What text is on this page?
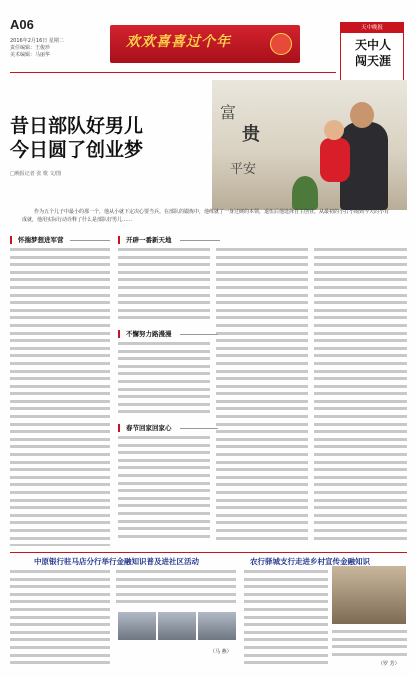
A06
2016年2月16日 星期二
责任编辑：王俊珍
美术编辑：马丽华
欢欢喜喜过个年
天中晚报
天中人
闯天涯
昔日部队好男儿
今日圆了创业梦
□晚报记者 张 歌 文/图
富
贵
平安
作为五个儿子中最小的那一个，他从小就下定决心要当兵。在部队的锻炼中，他练就了一身过硬的本领，退伍后他选择自主创业，从最初的小打小闹到今天的小有成就，他用实际行动诠释了什么是部队好男儿……
怀揣梦想进军营	开辟一番新天地
不懈努力路漫漫
春节回家回家心
中原银行驻马店分行举行金融知识普及进社区活动	农行驿城支行走进乡村宣传金融知识
（马 燕）
（罗 芳）
